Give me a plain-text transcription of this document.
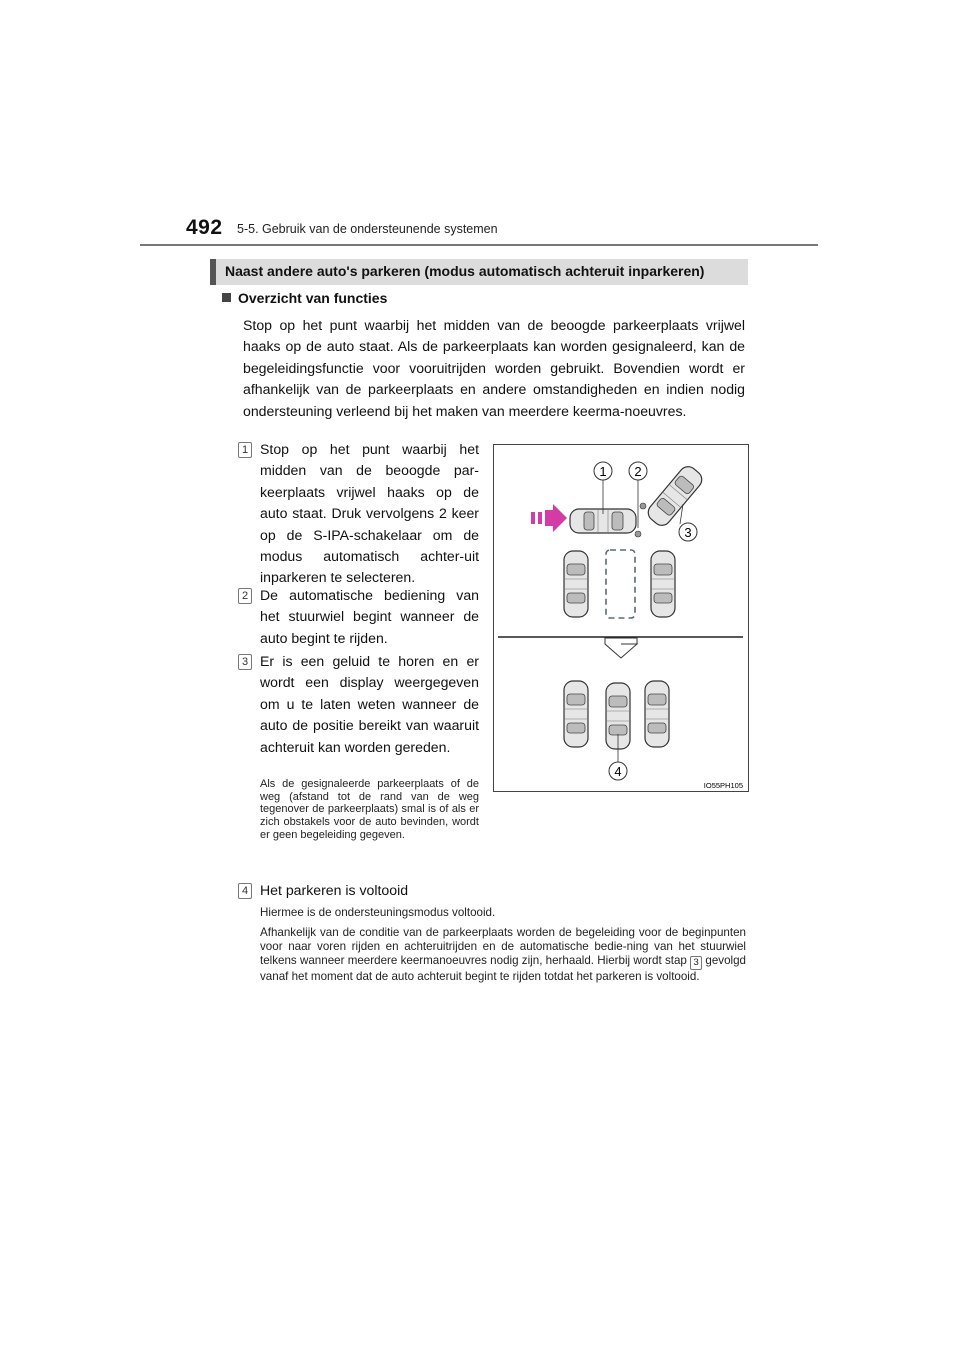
492 5-5. Gebruik van de ondersteunende systemen
Naast andere auto's parkeren (modus automatisch achteruit inparkeren)
Overzicht van functies

Stop op het punt waarbij het midden van de beoogde parkeerplaats vrijwel haaks op de auto staat. Als de parkeerplaats kan worden gesignaleerd, kan de begeleidingsfunctie voor vooruitrijden worden gebruikt. Bovendien wordt er afhankelijk van de parkeerplaats en andere omstandigheden en indien nodig ondersteuning verleend bij het maken van meerdere keerma-noeuvres.

1 Stop op het punt waarbij het midden van de beoogde par-keerplaats vrijwel haaks op de auto staat. Druk vervolgens 2 keer op de S-IPA-schakelaar om de modus automatisch achter-uit inparkeren te selecteren.

2 De automatische bediening van het stuurwiel begint wanneer de auto begint te rijden.

3 Er is een geluid te horen en er wordt een display weergegeven om u te laten weten wanneer de auto de positie bereikt van waaruit achteruit kan worden gereden.

Als de gesignaleerde parkeerplaats of de weg (afstand tot de rand van de weg tegenover de parkeerplaats) smal is of als er zich obstakels voor de auto bevinden, wordt er geen begeleiding gegeven.

4 Het parkeren is voltooid

Hiermee is de ondersteuningsmodus voltooid.

Afhankelijk van de conditie van de parkeerplaats worden de begeleiding voor de beginpunten voor naar voren rijden en achteruitrijden en de automatische bedie-ning van het stuurwiel telkens wanneer meerdere keermanoeuvres nodig zijn, herhaald. Hierbij wordt stap 3 gevolgd vanaf het moment dat de auto achteruit begint te rijden totdat het parkeren is voltooid.

1 2
3
4
IO55PH105
